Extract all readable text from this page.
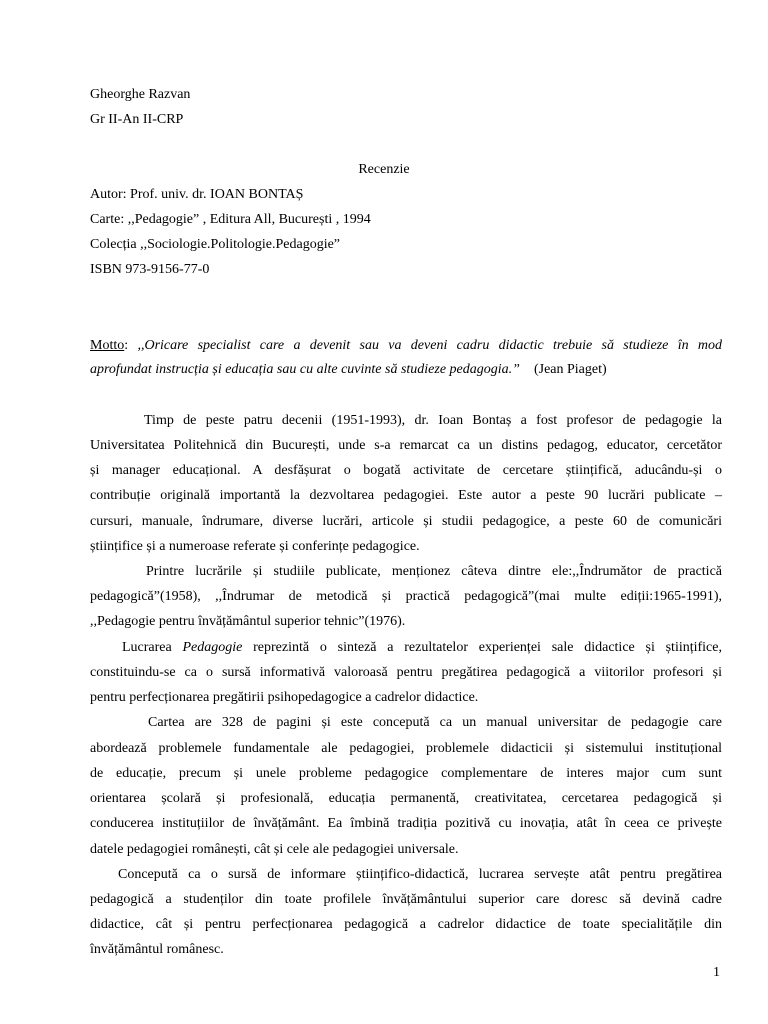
Gheorghe Razvan
Gr II-An II-CRP
Recenzie
Autor: Prof. univ. dr. IOAN BONTAȘ
Carte: ,,Pedagogie” , Editura All, București , 1994
Colecția ,,Sociologie.Politologie.Pedagogie”
ISBN 973-9156-77-0
Motto: ,,Oricare specialist care a devenit sau va deveni cadru didactic trebuie să studieze în mod
aprofundat instrucția și educația sau cu alte cuvinte să studieze pedagogia.” (Jean Piaget)
Timp de peste patru decenii (1951-1993), dr. Ioan Bontaș a fost profesor de pedagogie la
Universitatea Politehnică din București, unde s-a remarcat ca un distins pedagog, educator, cercetător
și manager educațional. A desfășurat o bogată activitate de cercetare științifică, aducându-și o
contribuție originală importantă la dezvoltarea pedagogiei. Este autor a peste 90 lucrări publicate –
cursuri, manuale, îndrumare, diverse lucrări, articole și studii pedagogice, a peste 60 de comunicări
științifice și a numeroase referate și conferințe pedagogice.
Printre lucrările și studiile publicate, menționez câteva dintre ele:,,Îndrumător de practică
pedagogică”(1958), ,,Îndrumar de metodică și practică pedagogică”(mai multe ediții:1965-1991),
,,Pedagogie pentru învățământul superior tehnic”(1976).
Lucrarea Pedagogie reprezintă o sinteză a rezultatelor experienței sale didactice și științifice,
constituindu-se ca o sursă informativă valoroasă pentru pregătirea pedagogică a viitorilor profesori și
pentru perfecționarea pregătirii psihopedagogice a cadrelor didactice.
Cartea are 328 de pagini și este concepută ca un manual universitar de pedagogie care
abordează problemele fundamentale ale pedagogiei, problemele didacticii și sistemului instituțional
de educație, precum și unele probleme pedagogice complementare de interes major cum sunt
orientarea școlară și profesională, educația permanentă, creativitatea, cercetarea pedagogică și
conducerea instituțiilor de învățământ. Ea îmbină tradiția pozitivă cu inovația, atât în ceea ce privește
datele pedagogiei românești, cât și cele ale pedagogiei universale.
Concepută ca o sursă de informare științifico-didactică, lucrarea servește atât pentru pregătirea
pedagogică a studenților din toate profilele învățământului superior care doresc să devină cadre
didactice, cât și pentru perfecționarea pedagogică a cadrelor didactice de toate specialitățile din
învățământul românesc.
1
